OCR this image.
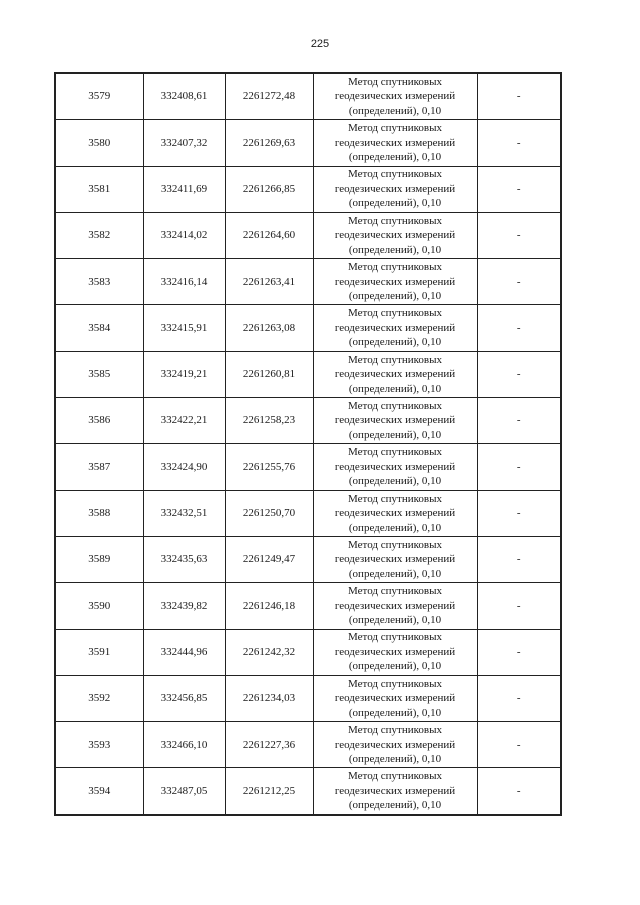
225
3579	332408,61	2261272,48	Метод спутниковых
геодезических измерений
(определений), 0,10	-
3580	332407,32	2261269,63	Метод спутниковых
геодезических измерений
(определений), 0,10	-
3581	332411,69	2261266,85	Метод спутниковых
геодезических измерений
(определений), 0,10	-
3582	332414,02	2261264,60	Метод спутниковых
геодезических измерений
(определений), 0,10	-
3583	332416,14	2261263,41	Метод спутниковых
геодезических измерений
(определений), 0,10	-
3584	332415,91	2261263,08	Метод спутниковых
геодезических измерений
(определений), 0,10	-
3585	332419,21	2261260,81	Метод спутниковых
геодезических измерений
(определений), 0,10	-
3586	332422,21	2261258,23	Метод спутниковых
геодезических измерений
(определений), 0,10	-
3587	332424,90	2261255,76	Метод спутниковых
геодезических измерений
(определений), 0,10	-
3588	332432,51	2261250,70	Метод спутниковых
геодезических измерений
(определений), 0,10	-
3589	332435,63	2261249,47	Метод спутниковых
геодезических измерений
(определений), 0,10	-
3590	332439,82	2261246,18	Метод спутниковых
геодезических измерений
(определений), 0,10	-
3591	332444,96	2261242,32	Метод спутниковых
геодезических измерений
(определений), 0,10	-
3592	332456,85	2261234,03	Метод спутниковых
геодезических измерений
(определений), 0,10	-
3593	332466,10	2261227,36	Метод спутниковых
геодезических измерений
(определений), 0,10	-
3594	332487,05	2261212,25	Метод спутниковых
геодезических измерений
(определений), 0,10	-
